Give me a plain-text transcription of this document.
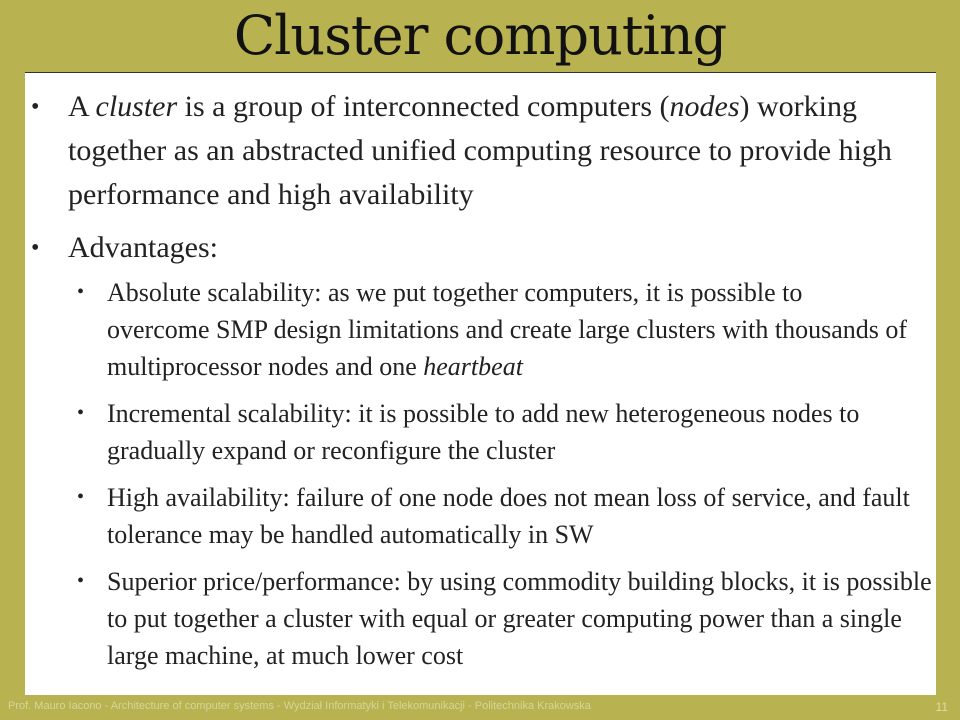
Cluster computing
• A cluster is a group of interconnected computers (nodes) working together as an abstracted unified computing resource to provide high performance and high availability
• Advantages:
• Absolute scalability: as we put together computers, it is possible to overcome SMP design limitations and create large clusters with thousands of multiprocessor nodes and one heartbeat
• Incremental scalability: it is possible to add new heterogeneous nodes to gradually expand or reconfigure the cluster
• High availability: failure of one node does not mean loss of service, and fault tolerance may be handled automatically in SW
• Superior price/performance: by using commodity building blocks, it is possible to put together a cluster with equal or greater computing power than a single large machine, at much lower cost
Prof. Mauro Iacono - Architecture of computer systems - Wydział Informatyki i Telekomunikacji - Politechnika Krakowska	11
